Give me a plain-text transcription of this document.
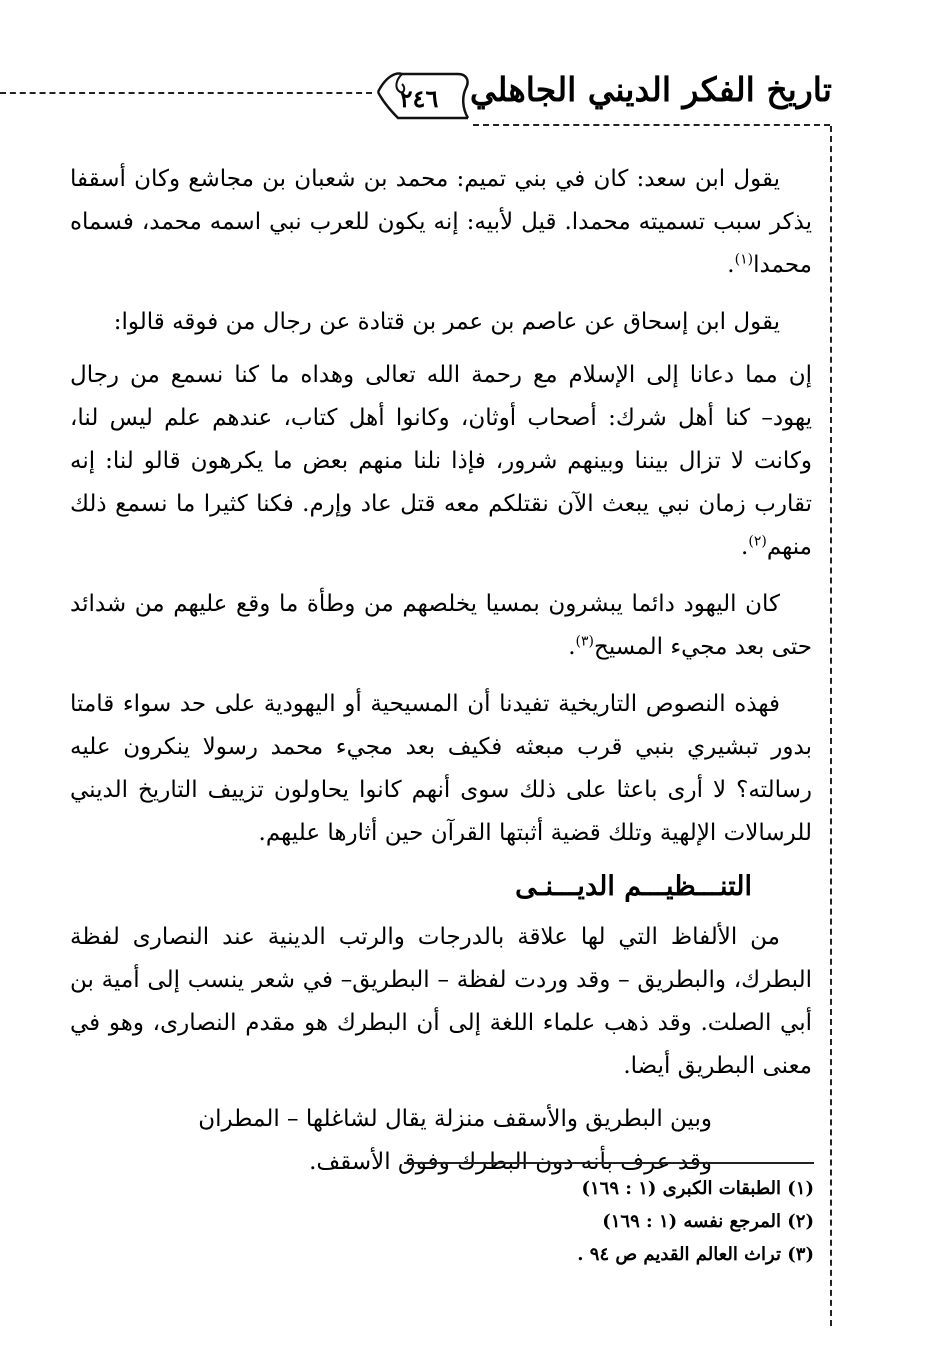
٢٤٦ تاريخ الفكر الديني الجاهلي

يقول ابن سعد: كان في بني تميم: محمد بن شعبان بن مجاشع وكان أسقفا يذكر سبب تسميته محمدا. قيل لأبيه: إنه يكون للعرب نبي اسمه محمد، فسماه محمدا$^{(١)}$.

يقول ابن إسحاق عن عاصم بن عمر بن قتادة عن رجال من فوقه قالوا:

إن مما دعانا إلى الإسلام مع رحمة الله تعالى وهداه ما كنا نسمع من رجال يهود– كنا أهل شرك: أصحاب أوثان، وكانوا أهل كتاب، عندهم علم ليس لنا، وكانت لا تزال بيننا وبينهم شرور، فإذا نلنا منهم بعض ما يكرهون قالو لنا: إنه تقارب زمان نبي يبعث الآن نقتلكم معه قتل عاد وإرم. فكنا كثيرا ما نسمع ذلك منهم$^{(٢)}$.

كان اليهود دائما يبشرون بمسيا يخلصهم من وطأة ما وقع عليهم من شدائد حتى بعد مجيء المسيح$^{(٣)}$.

فهذه النصوص التاريخية تفيدنا أن المسيحية أو اليهودية على حد سواء قامتا بدور تبشيري بنبي قرب مبعثه فكيف بعد مجيء محمد رسولا ينكرون عليه رسالته؟ لا أرى باعثا على ذلك سوى أنهم كانوا يحاولون تزييف التاريخ الديني للرسالات الإلهية وتلك قضية أثبتها القرآن حين أثارها عليهم.

التنـــظيـــم الديـــنـى

من الألفاظ التي لها علاقة بالدرجات والرتب الدينية عند النصارى لفظة البطرك، والبطريق – وقد وردت لفظة – البطريق– في شعر ينسب إلى أمية بن أبي الصلت. وقد ذهب علماء اللغة إلى أن البطرك هو مقدم النصارى، وهو في معنى البطريق أيضا.

وبين البطريق والأسقف منزلة يقال لشاغلها – المطران

وقد عرف بأنه دون البطرك وفوق الأسقف.

(١) الطبقات الكبرى (١ : ١٦٩)
(٢) المرجع نفسه (١ : ١٦٩)
(٣) تراث العالم القديم ص ٩٤ .
